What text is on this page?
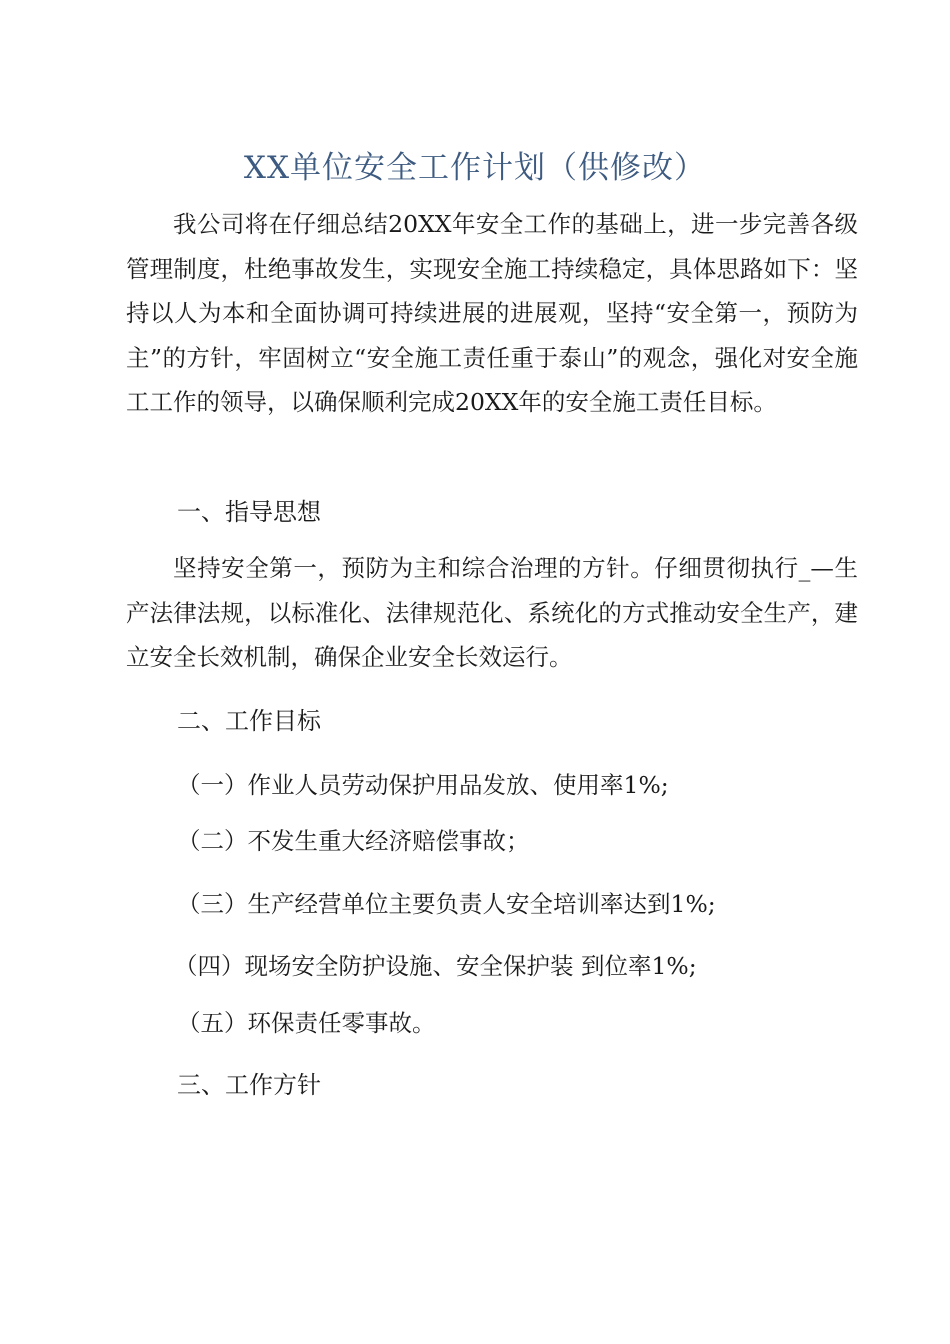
XX单位安全工作计划（供修改）

我公司将在仔细总结20XX年安全工作的基础上，进一步完善各级管理制度，杜绝事故发生，实现安全施工持续稳定，具体思路如下：坚持以人为本和全面协调可持续进展的进展观，坚持“安全第一，预防为主”的方针，牢固树立“安全施工责任重于泰山”的观念，强化对安全施工工作的领导，以确保顺利完成20XX年的安全施工责任目标。

一、指导思想

坚持安全第一，预防为主和综合治理的方针。仔细贯彻执行_—生产法律法规，以标准化、法律规范化、系统化的方式推动安全生产，建立安全长效机制，确保企业安全长效运行。

二、工作目标

（一）作业人员劳动保护用品发放、使用率1%;

（二）不发生重大经济赔偿事故；

（三）生产经营单位主要负责人安全培训率达到1%;

（四）现场安全防护设施、安全保护装 到位率1%;

（五）环保责任零事故。

三、工作方针
